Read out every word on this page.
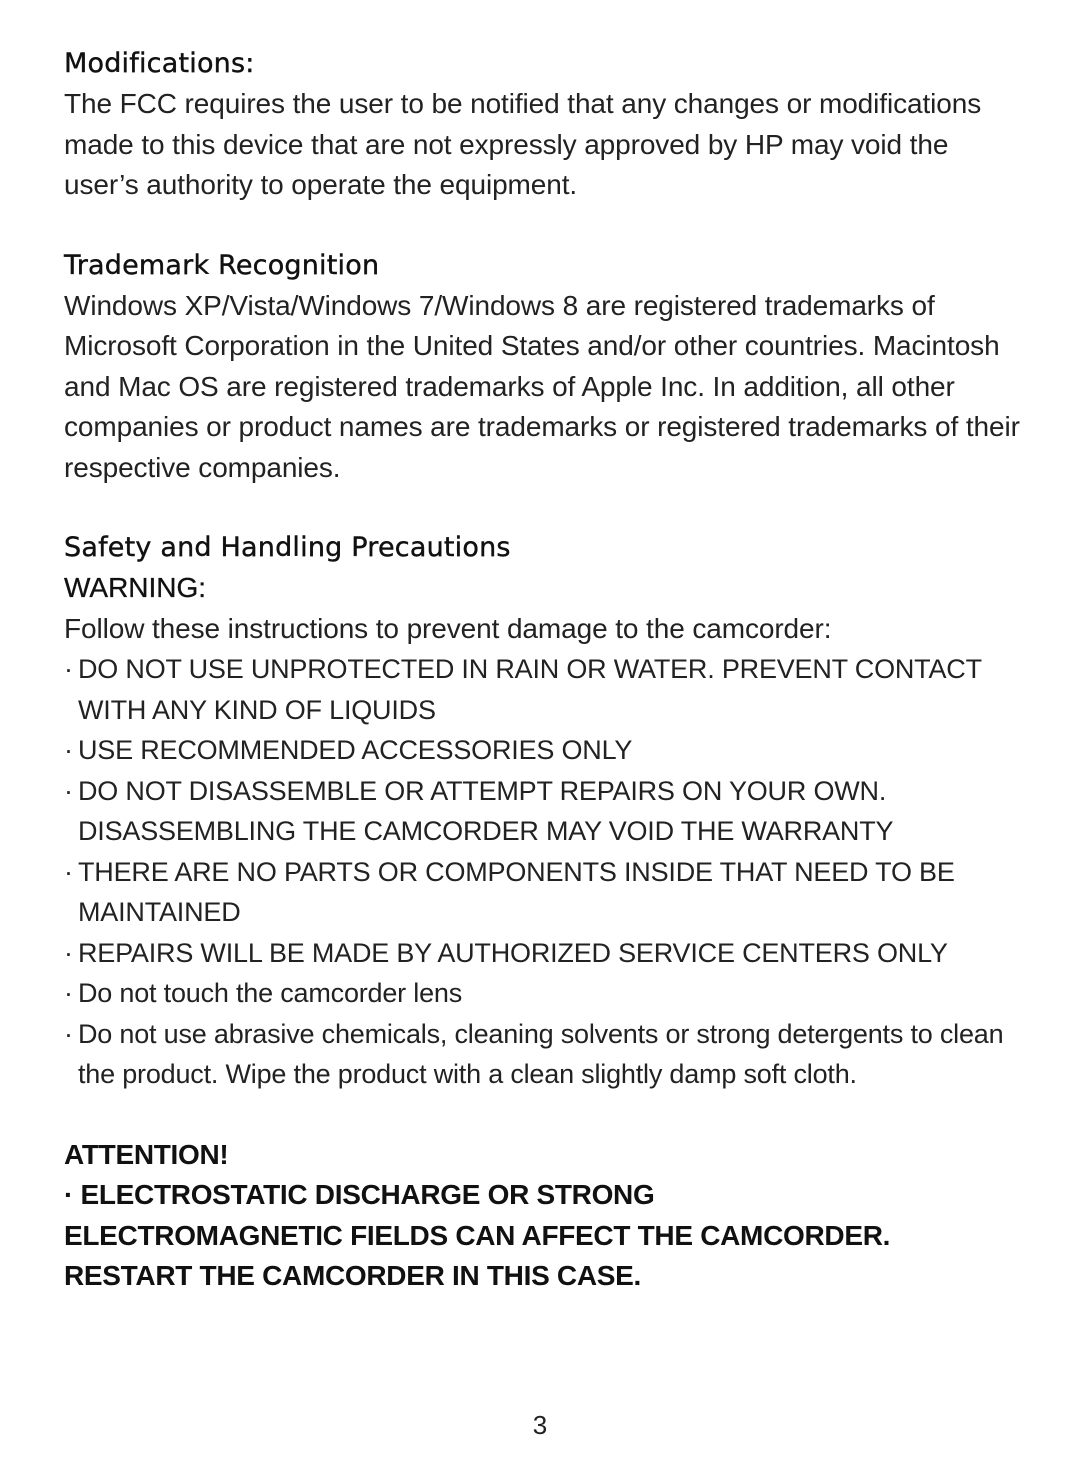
Modifications:

The FCC requires the user to be notified that any changes or modifications made to this device that are not expressly approved by HP may void the user’s authority to operate the equipment.

Trademark Recognition

Windows XP/Vista/Windows 7/Windows 8 are registered trademarks of Microsoft Corporation in the United States and/or other countries. Macintosh and Mac OS are registered trademarks of Apple Inc. In addition, all other companies or product names are trademarks or registered trademarks of their respective companies.

Safety and Handling Precautions

WARNING:

Follow these instructions to prevent damage to the camcorder:

· DO NOT USE UNPROTECTED IN RAIN OR WATER. PREVENT CONTACT WITH ANY KIND OF LIQUIDS
· USE RECOMMENDED ACCESSORIES ONLY
· DO NOT DISASSEMBLE OR ATTEMPT REPAIRS ON YOUR OWN. DISASSEMBLING THE CAMCORDER MAY VOID THE WARRANTY
· THERE ARE NO PARTS OR COMPONENTS INSIDE THAT NEED TO BE MAINTAINED
· REPAIRS WILL BE MADE BY AUTHORIZED SERVICE CENTERS ONLY
· Do not touch the camcorder lens
· Do not use abrasive chemicals, cleaning solvents or strong detergents to clean the product. Wipe the product with a clean slightly damp soft cloth.

ATTENTION!

· ELECTROSTATIC DISCHARGE OR STRONG ELECTROMAGNETIC FIELDS CAN AFFECT THE CAMCORDER. RESTART THE CAMCORDER IN THIS CASE.

3
